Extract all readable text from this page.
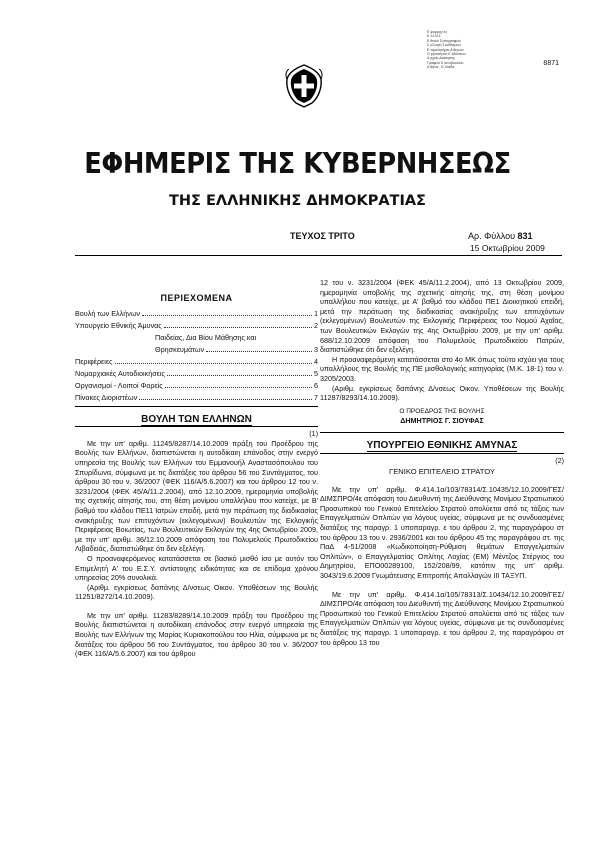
Ε φορμογ ές
Ε λλ.Ν.Σ
Ε θνικό Τυπογραφείο
Σ υλλογή Συνδέσμων
Ε πιμελητήριο Α θηνών
Ο ργανισμός Ε κδόσεων
Α ρχείο Διοίκησης
Γραφείο Κ οινοβουλίου
Α θήνα - Ε λλάδα
8871
ΕΦΗΜΕΡΙΣ ΤΗΣ ΚΥΒΕΡΝΗΣΕΩΣ
ΤΗΣ ΕΛΛΗΝΙΚΗΣ ΔΗΜΟΚΡΑΤΙΑΣ
ΤΕΥΧΟΣ ΤΡΙΤΟ	Αρ. Φύλλου 831
15 Οκτωβρίου 2009
ΠΕΡΙΕΧΟΜΕΝΑ
Βουλή των Ελλήνων	1
Υπουργείο Εθνικής Άμυνας	2
Παιδείας, Δια Βίου Μάθησης και
Θρησκευμάτων	3
Περιφέρειες	4
Νομαρχιακές Αυτοδιοικήσεις	5
Οργανισμοί - Λοιποί Φορείς	6
Πίνακες Διοριστέων	7
ΒΟΥΛΗ ΤΩΝ ΕΛΛΗΝΩΝ

(1)

Με την υπ' αριθμ. 11245/8287/14.10.2009 πράξη του Προέδρου της Βουλής των Ελλήνων, διαπιστώνεται η αυτοδίκαιη επάνοδος στην ενεργό υπηρεσία της Βουλής των Ελλήνων του Εμμανουήλ Αναστασόπουλου του Σπυρίδωνα, σύμφωνα με τις διατάξεις του άρθρου 56 του Συντάγματος, του άρθρου 30 του ν. 36/2007 (ΦΕΚ 116/Α/5.6.2007) και του άρθρου 12 του ν. 3231/2004 (ΦΕΚ 45/Α/11.2.2004), από 12.10.2009, ημερομηνία υποβολής της σχετικής αίτησής του, στη θέση μονίμου υπαλλήλου που κατείχε, με Β' βαθμό του κλάδου ΠΕ11 Ιατρών επειδή, μετά την περάτωση της διαδικασίας ανακήρυξης των επιτυχόντων (εκλεγομένων) Βουλευτών της Εκλογικής Περιφέρειας Βοιωτίας, των Βουλευτικών Εκλογών της 4ης Οκτωβρίου 2009, με την υπ' αριθμ. 36/12.10.2009 απόφαση του Πολυμελούς Πρωτοδικείου Λιβαδειάς, διαπιστώθηκε ότι δεν εξελέγη.

Ο προαναφερόμενος κατατάσσεται σε βασικό μισθό ίσο με αυτόν του Επιμελητή Α' του Ε.Σ.Υ. αντίστοιχης ειδικότητας και σε επίδομα χρόνου υπηρεσίας 20% συνολικά.

(Αριθμ. εγκρίσεως δαπάνης Δ/νσεως Οικον. Υποθέσεων της Βουλής 11251/8272/14.10.2009).

Με την υπ' αριθμ. 11283/8289/14.10.2009 πράξη του Προέδρου της Βουλής διαπιστώνεται η αυτοδίκαιη επάνοδος στην ενεργό υπηρεσία της Βουλής των Ελλήνων της Μαρίας Κυριακοπούλου του Ηλία, σύμφωνα με τις διατάξεις του άρθρου 56 του Συντάγματος, του άρθρου 30 του ν. 36/2007 (ΦΕΚ 116/Α/5.6.2007) και του άρθρου

12 του ν. 3231/2004 (ΦΕΚ 45/Α/11.2.2004), από 13 Οκτωβρίου 2009, ημερομηνία υποβολής της σχετικής αίτησής της, στη θέση μονίμου υπαλλήλου που κατείχε, με Α' βαθμό του κλάδου ΠΕ1 Διοικητικού επειδή, μετά την περάτωση της διαδικασίας ανακήρυξης των επιτυχόντων (εκλεγομένων) Βουλευτών της Εκλογικής Περιφέρειας του Νομού Αχαΐας, των Βουλευτικών Εκλογών της 4ης Οκτωβρίου 2009, με την υπ' αριθμ. 688/12.10.2009 απόφαση του Πολυμελούς Πρωτοδικείου Πατρών, διαπιστώθηκε ότι δεν εξελέγη.

Η προαναφερόμενη κατατάσσεται στο 4ο ΜΚ όπως τούτο ισχύει για τους υπαλλήλους της Βουλής της ΠΕ μισθολογικής κατηγορίας (Μ.Κ. 18-1) του ν. 3205/2003.

(Αριθμ. εγκρίσεως δαπάνης Δ/νσεως Οικον. Υποθέσεων της Βουλής 11287/8293/14.10.2009).

Ο ΠΡΟΕΔΡΟΣ ΤΗΣ ΒΟΥΛΗΣ
ΔΗΜΗΤΡΙΟΣ Γ. ΣΙΟΥΦΑΣ
ΥΠΟΥΡΓΕΙΟ ΕΘΝΙΚΗΣ ΑΜΥΝΑΣ

(2)

ΓΕΝΙΚΟ ΕΠΙΤΕΛΕΙΟ ΣΤΡΑΤΟΥ

Με την υπ' αριθμ. Φ.414.1α/103/78314/Σ.10435/12.10.2009/ΓΕΣ/ΔΙΜΣΠΡΟ/4ε απόφαση του Διευθυντή της Διεύθυνσης Μονίμου Στρατιωτικού Προσωπικού του Γενικού Επιτελείου Στρατού απολύεται από τις τάξεις των Επαγγελματιών Οπλιτών για λόγους υγείας, σύμφωνα με τις συνδυασμένες διατάξεις της παραγρ. 1 υποπαραγρ. ε του άρθρου 2, της παραγράφου στ του άρθρου 13 του ν. 2936/2001 και του άρθρου 45 της παραγράφου στ. της ΠαΔ 4-51/2008 «Κωδικοποίηση-Ρύθμιση θεμάτων Επαγγελματιών Οπλιτών», ο Επαγγελματίας Οπλίτης Λοχίας (ΕΜ) Μέντζος Στέργιος του Δημητρίου, ΕΠΟ00289100, 152/208/99, κατόπιν της υπ' αριθμ. 3043/19.6.2009 Γνωμάτευσης Επιτροπής Απαλλαγών ΙΙΙ ΤΑΞΥΠ.

Με την υπ' αριθμ. Φ.414.1α/105/78313/Σ.10434/12.10.2009/ΓΕΣ/ΔΙΜΣΠΡΟ/4ε απόφαση του Διευθυντή της Διεύθυνσης Μονίμου Στρατιωτικού Προσωπικού του Γενικού Επιτελείου Στρατού απολύεται από τις τάξεις των Επαγγελματιών Οπλιτών για λόγους υγείας, σύμφωνα με τις συνδυασμένες διατάξεις της παραγρ. 1 υποπαραγρ. ε του άρθρου 2, της παραγράφου στ του άρθρου 13 του
